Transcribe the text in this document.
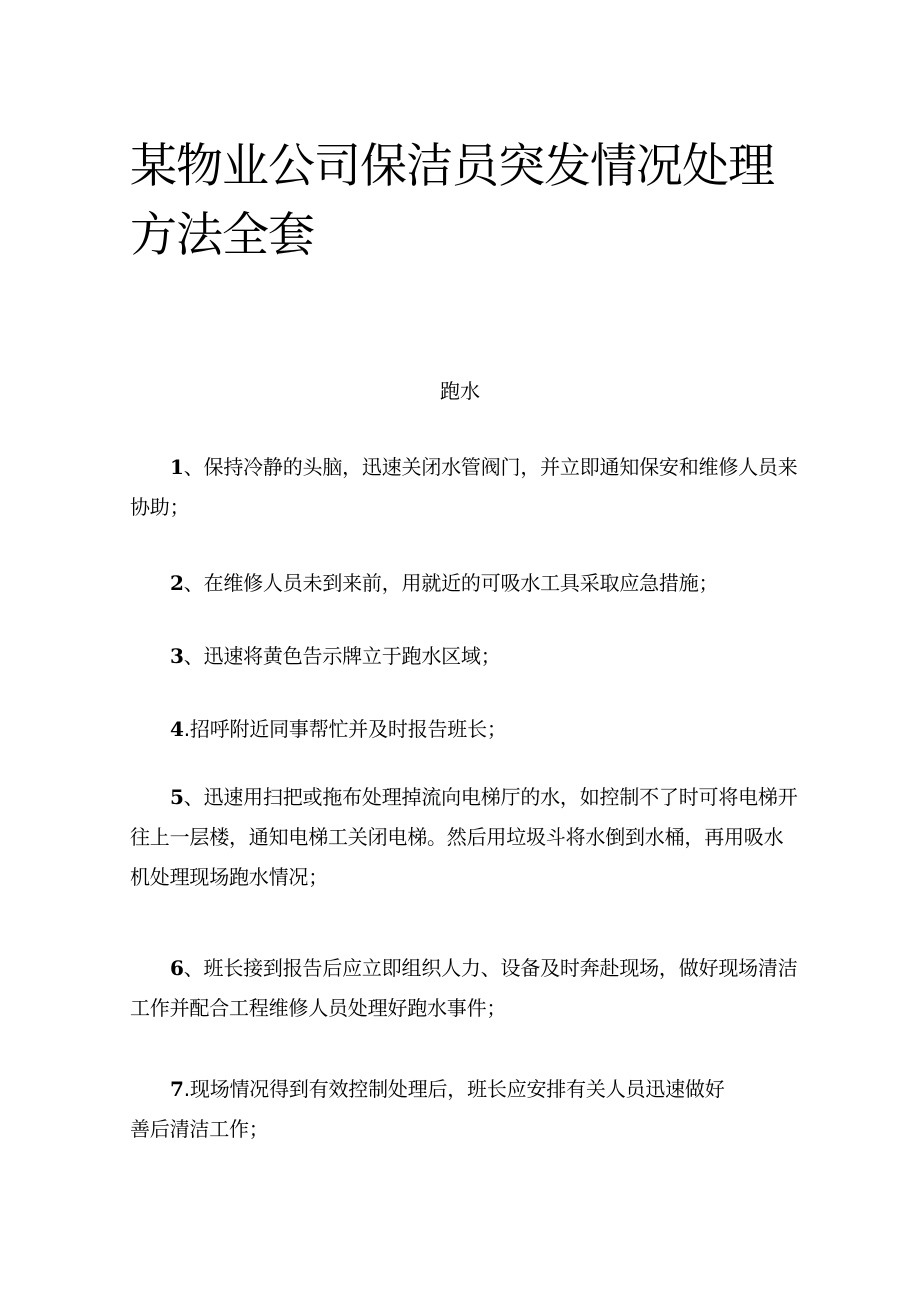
某物业公司保洁员突发情况处理方法全套
跑水

1、保持冷静的头脑，迅速关闭水管阀门，并立即通知保安和维修人员来协助；

2、在维修人员未到来前，用就近的可吸水工具采取应急措施；

3、迅速将黄色告示牌立于跑水区域；

4.招呼附近同事帮忙并及时报告班长；

5、迅速用扫把或拖布处理掉流向电梯厅的水，如控制不了时可将电梯开往上一层楼，通知电梯工关闭电梯。然后用垃圾斗将水倒到水桶，再用吸水机处理现场跑水情况；

6、班长接到报告后应立即组织人力、设备及时奔赴现场，做好现场清洁工作并配合工程维修人员处理好跑水事件；

7.现场情况得到有效控制处理后，班长应安排有关人员迅速做好善后清洁工作；
